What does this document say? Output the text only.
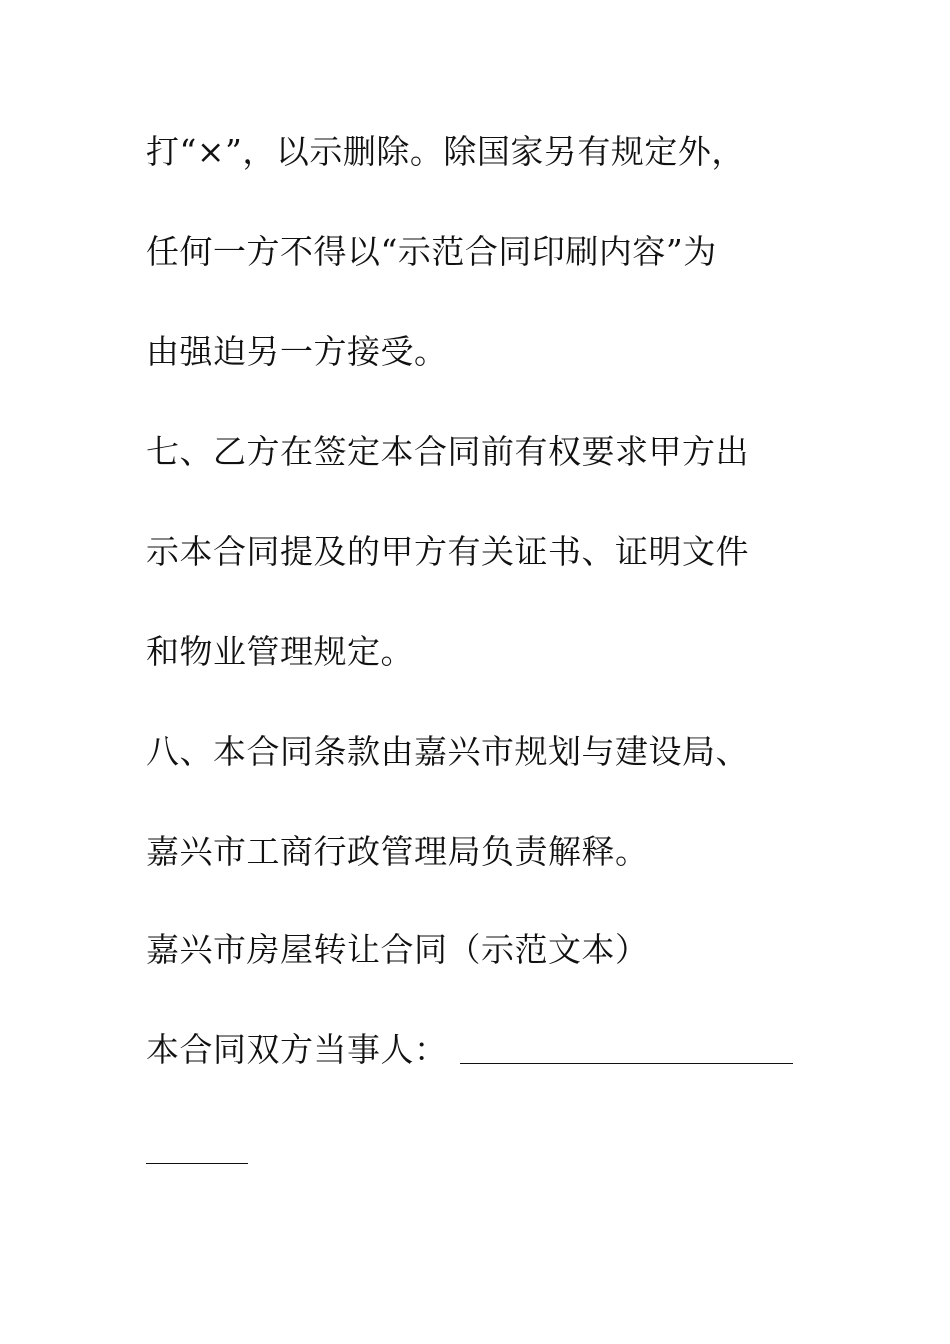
打“×”，以示删除。除国家另有规定外，
任何一方不得以“示范合同印刷内容”为
由强迫另一方接受。
七、乙方在签定本合同前有权要求甲方出
示本合同提及的甲方有关证书、证明文件
和物业管理规定。
八、本合同条款由嘉兴市规划与建设局、
嘉兴市工商行政管理局负责解释。
嘉兴市房屋转让合同（示范文本）
本合同双方当事人：
